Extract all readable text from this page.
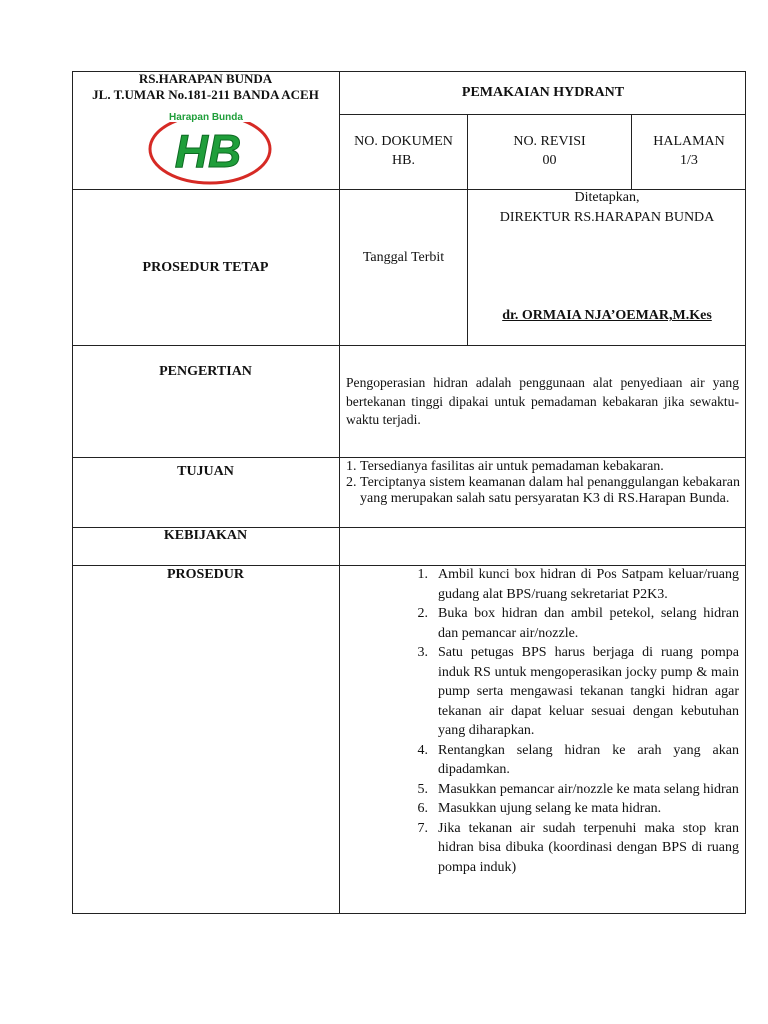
RS.HARAPAN BUNDA
JL. T.UMAR No.181-211 BANDA ACEH
Harapan Bunda
HB
PEMAKAIAN HYDRANT
NO. DOKUMEN
HB.
NO. REVISI
00
HALAMAN
1/3
PROSEDUR TETAP
Tanggal Terbit
Ditetapkan,
DIREKTUR RS.HARAPAN BUNDA
dr. ORMAIA NJA’OEMAR,M.Kes
PENGERTIAN
Pengoperasian hidran adalah penggunaan alat penyediaan air yang bertekanan tinggi dipakai untuk pemadaman kebakaran jika sewaktu-waktu terjadi.
TUJUAN	1. Tersedianya fasilitas air untuk pemadaman kebakaran.
2. Terciptanya sistem keamanan dalam hal penanggulangan kebakaran yang merupakan salah satu persyaratan K3 di RS.Harapan Bunda.
KEBIJAKAN
PROSEDUR	1. Ambil kunci box hidran di Pos Satpam keluar/ruang gudang alat BPS/ruang sekretariat P2K3.
2. Buka box hidran dan ambil petekol, selang hidran dan pemancar air/nozzle.
3. Satu petugas BPS harus berjaga di ruang pompa induk RS untuk mengoperasikan jocky pump & main pump serta mengawasi tekanan tangki hidran agar tekanan air dapat keluar sesuai dengan kebutuhan yang diharapkan.
4. Rentangkan selang hidran ke arah yang akan dipadamkan.
5. Masukkan pemancar air/nozzle ke mata selang hidran
6. Masukkan ujung selang ke mata hidran.
7. Jika tekanan air sudah terpenuhi maka stop kran hidran bisa dibuka (koordinasi dengan BPS di ruang pompa induk)
